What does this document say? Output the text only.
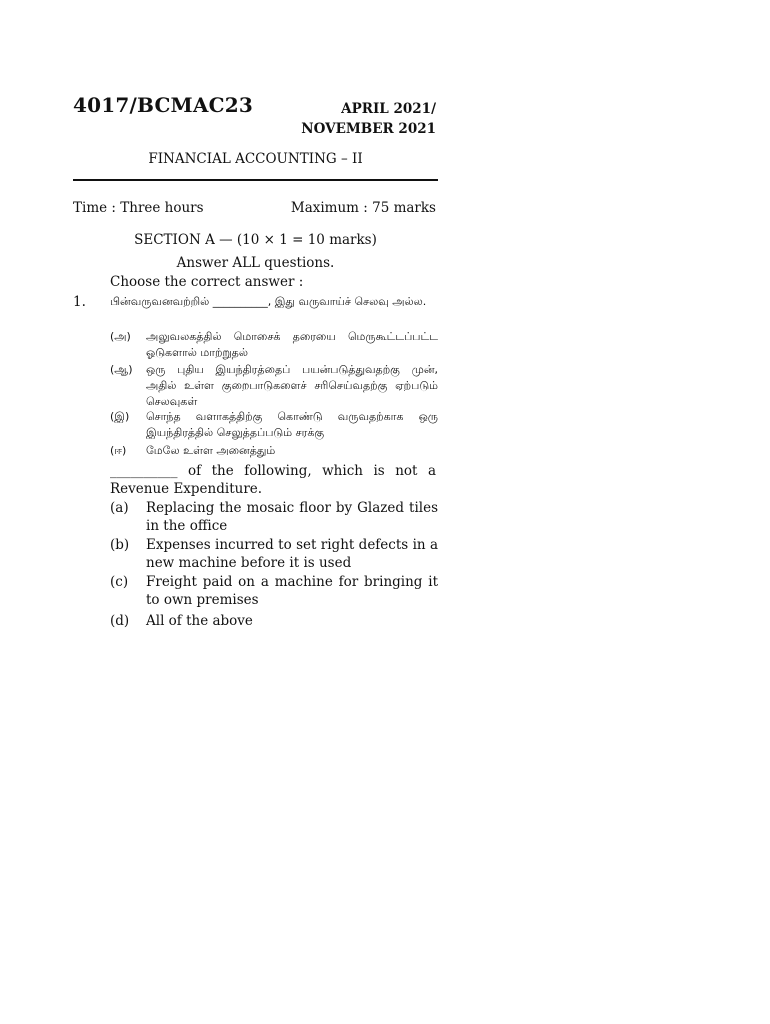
4017/BCMAC23	APRIL 2021/
NOVEMBER 2021
FINANCIAL ACCOUNTING – II
Time : Three hours	Maximum : 75 marks
SECTION A — (10 × 1 = 10 marks)
Answer ALL questions.
Choose the correct answer :
1. பின்வருவனவற்றில் __________, இது வருவாய்ச் செலவு அல்ல.
(அ) அலுவலகத்தில் மொசைக் தரையை மெருகூட்டப்பட்ட ஓடுகளால் மாற்றுதல்
(ஆ) ஒரு புதிய இயந்திரத்தைப் பயன்படுத்துவதற்கு முன், அதில் உள்ள குறைபாடுகளைச் சரிசெய்வதற்கு ஏற்படும் செலவுகள்
(இ) சொந்த வளாகத்திற்கு கொண்டு வருவதற்காக ஒரு இயந்திரத்தில் செலுத்தப்படும் சரக்கு
(ஈ) மேலே உள்ள அனைத்தும்
__________ of the following, which is not a Revenue Expenditure.
(a) Replacing the mosaic floor by Glazed tiles in the office
(b) Expenses incurred to set right defects in a new machine before it is used
(c) Freight paid on a machine for bringing it to own premises
(d) All of the above
